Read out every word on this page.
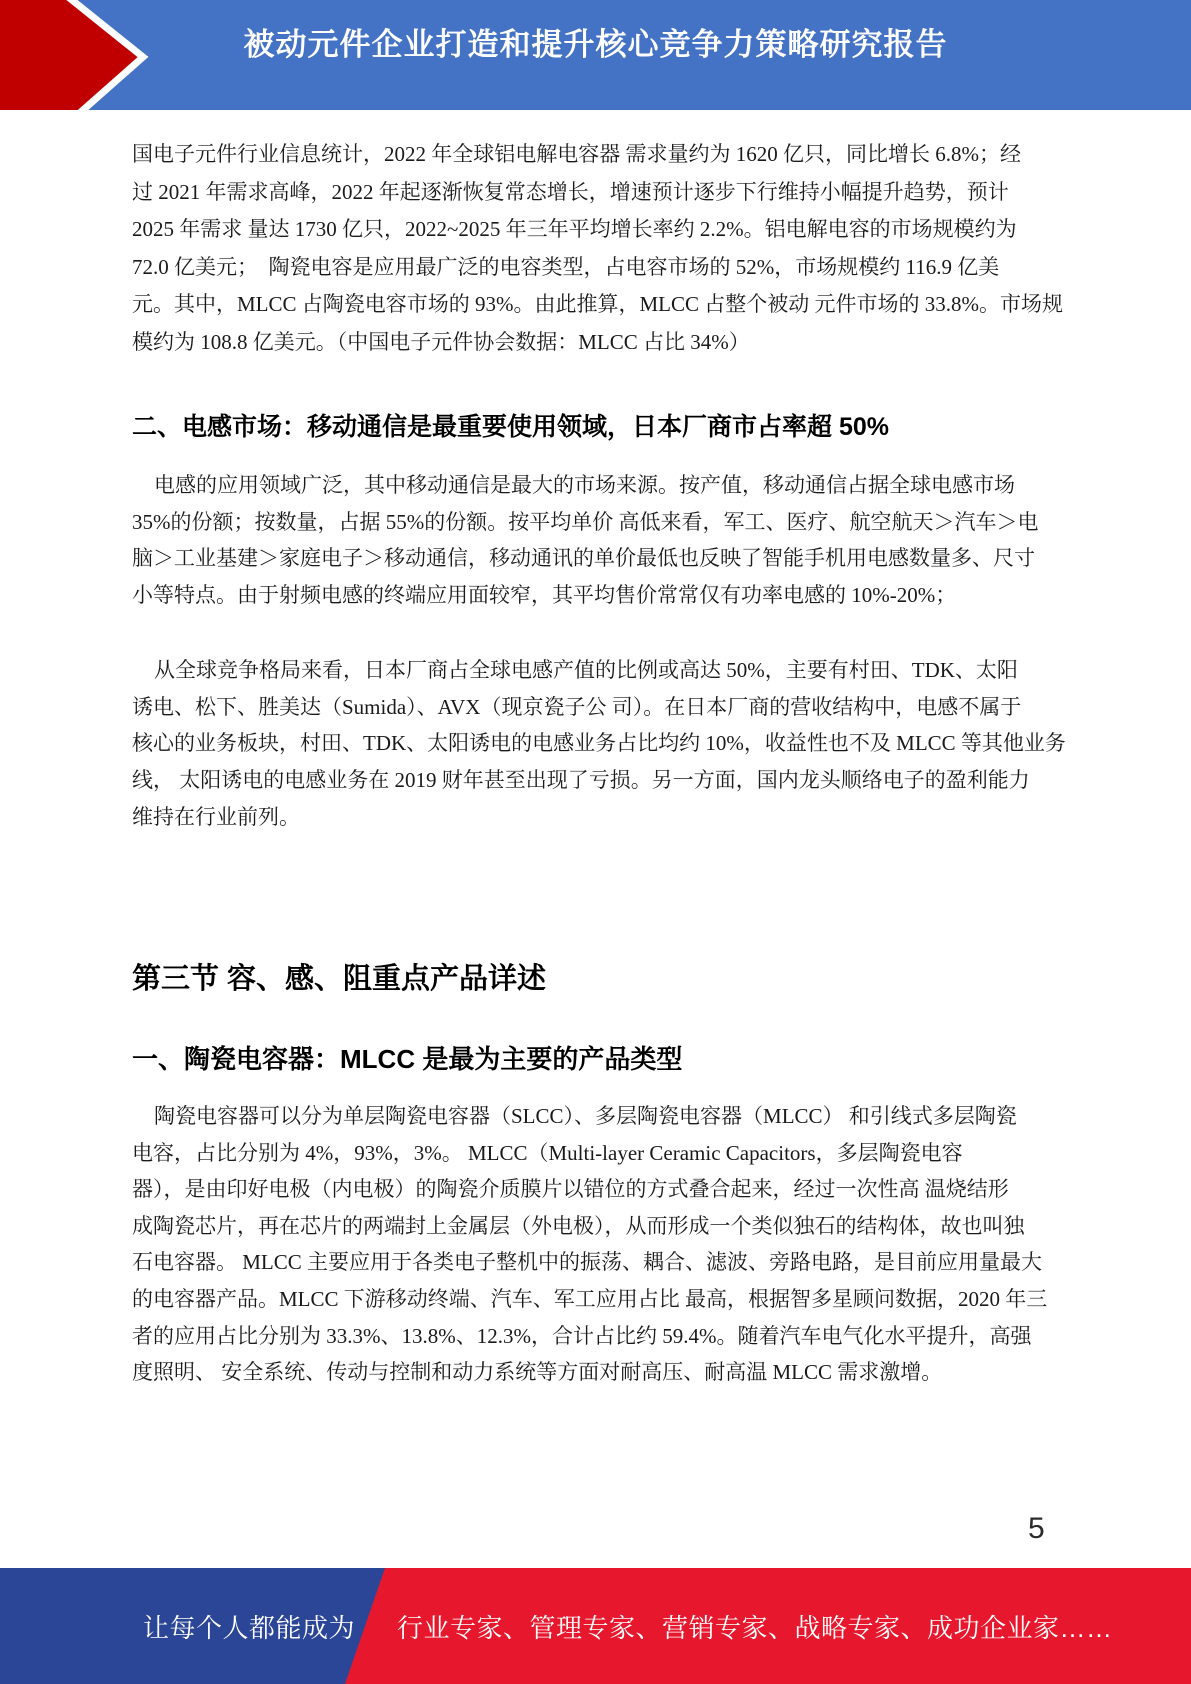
被动元件企业打造和提升核心竞争力策略研究报告
国电子元件行业信息统计，2022 年全球铝电解电容器 需求量约为 1620 亿只，同比增长 6.8%；经
过 2021 年需求高峰，2022 年起逐渐恢复常态增长，增速预计逐步下行维持小幅提升趋势，预计
2025 年需求 量达 1730 亿只，2022~2025 年三年平均增长率约 2.2%。铝电解电容的市场规模约为
72.0 亿美元；  陶瓷电容是应用最广泛的电容类型，占电容市场的 52%，市场规模约 116.9 亿美
元。其中，MLCC 占陶瓷电容市场的 93%。由此推算，MLCC 占整个被动 元件市场的 33.8%。市场规
模约为 108.8 亿美元。（中国电子元件协会数据：MLCC 占比 34%）
二、电感市场：移动通信是最重要使用领域，日本厂商市占率超 50%
电感的应用领域广泛，其中移动通信是最大的市场来源。按产值，移动通信占据全球电感市场
35%的份额；按数量，占据 55%的份额。按平均单价 高低来看，军工、医疗、航空航天＞汽车＞电
脑＞工业基建＞家庭电子＞移动通信，移动通讯的单价最低也反映了智能手机用电感数量多、尺寸
小等特点。由于射频电感的终端应用面较窄，其平均售价常常仅有功率电感的 10%-20%；
从全球竞争格局来看，日本厂商占全球电感产值的比例或高达 50%，主要有村田、TDK、太阳
诱电、松下、胜美达（Sumida）、AVX（现京瓷子公 司）。在日本厂商的营收结构中，电感不属于
核心的业务板块，村田、TDK、太阳诱电的电感业务占比均约 10%，收益性也不及 MLCC 等其他业务
线， 太阳诱电的电感业务在 2019 财年甚至出现了亏损。另一方面，国内龙头顺络电子的盈利能力
维持在行业前列。
第三节 容、感、阻重点产品详述
一、陶瓷电容器：MLCC 是最为主要的产品类型
陶瓷电容器可以分为单层陶瓷电容器（SLCC）、多层陶瓷电容器（MLCC） 和引线式多层陶瓷
电容，占比分别为 4%，93%，3%。 MLCC（Multi-layer Ceramic Capacitors，多层陶瓷电容
器），是由印好电极（内电极）的陶瓷介质膜片以错位的方式叠合起来，经过一次性高 温烧结形
成陶瓷芯片，再在芯片的两端封上金属层（外电极），从而形成一个类似独石的结构体，故也叫独
石电容器。 MLCC 主要应用于各类电子整机中的振荡、耦合、滤波、旁路电路，是目前应用量最大
的电容器产品。MLCC 下游移动终端、汽车、军工应用占比 最高，根据智多星顾问数据，2020 年三
者的应用占比分别为 33.3%、13.8%、12.3%，合计占比约 59.4%。随着汽车电气化水平提升，高强
度照明、 安全系统、传动与控制和动力系统等方面对耐高压、耐高温 MLCC 需求激增。
5
让每个人都能成为 行业专家、管理专家、营销专家、战略专家、成功企业家……
